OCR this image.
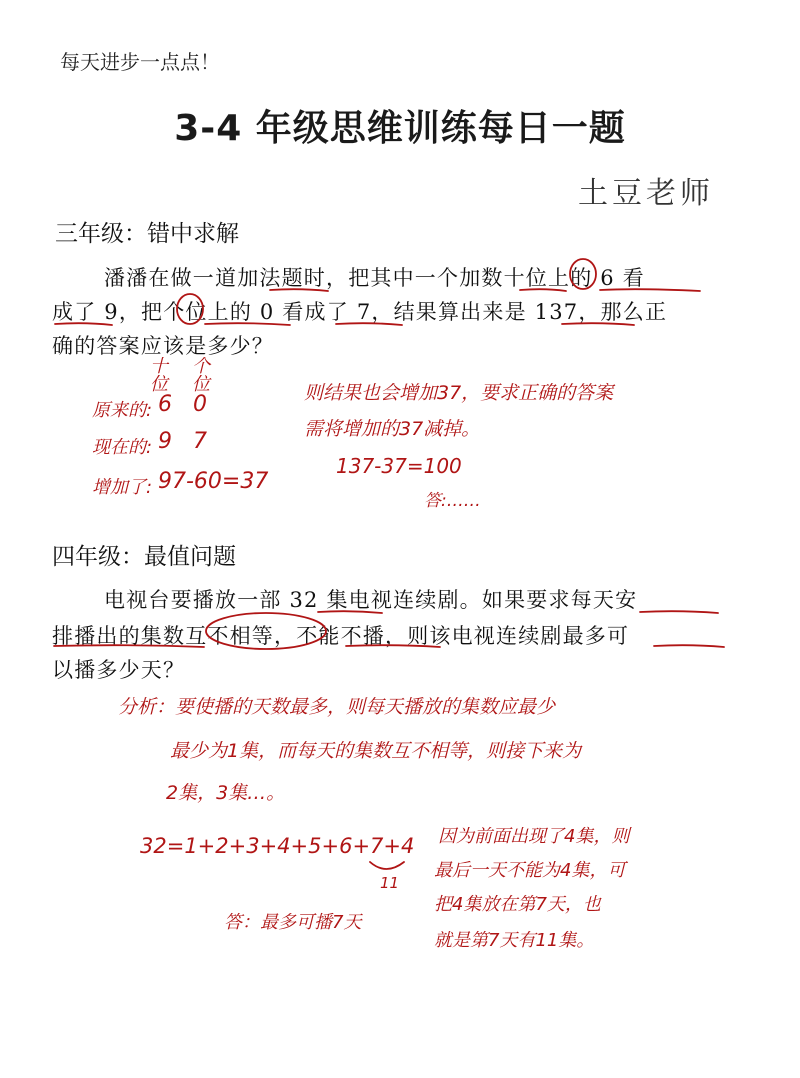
每天进步一点点！
3-4 年级思维训练每日一题
土豆老师
三年级：错中求解
潘潘在做一道加法题时，把其中一个加数十位上的 6 看
成了 9，把个位上的 0 看成了 7，结果算出来是 137，那么正
确的答案应该是多少？
十位
个位
原来的: 6 0
现在的: 9 7
增加了: 97-60=37
则结果也会增加37，要求正确的答案
需将增加的37减掉。
137-37=100
答:……
四年级：最值问题
电视台要播放一部 32 集电视连续剧。如果要求每天安
排播出的集数互不相等，不能不播，则该电视连续剧最多可
以播多少天？
分析：要使播的天数最多，则每天播放的集数应最少
最少为1集，而每天的集数互不相等，则接下来为
2集，3集…。
32=1+2+3+4+5+6+7+4
11
因为前面出现了4集，则
最后一天不能为4集，可
把4集放在第7天，也
就是第7天有11集。
答：最多可播7天
